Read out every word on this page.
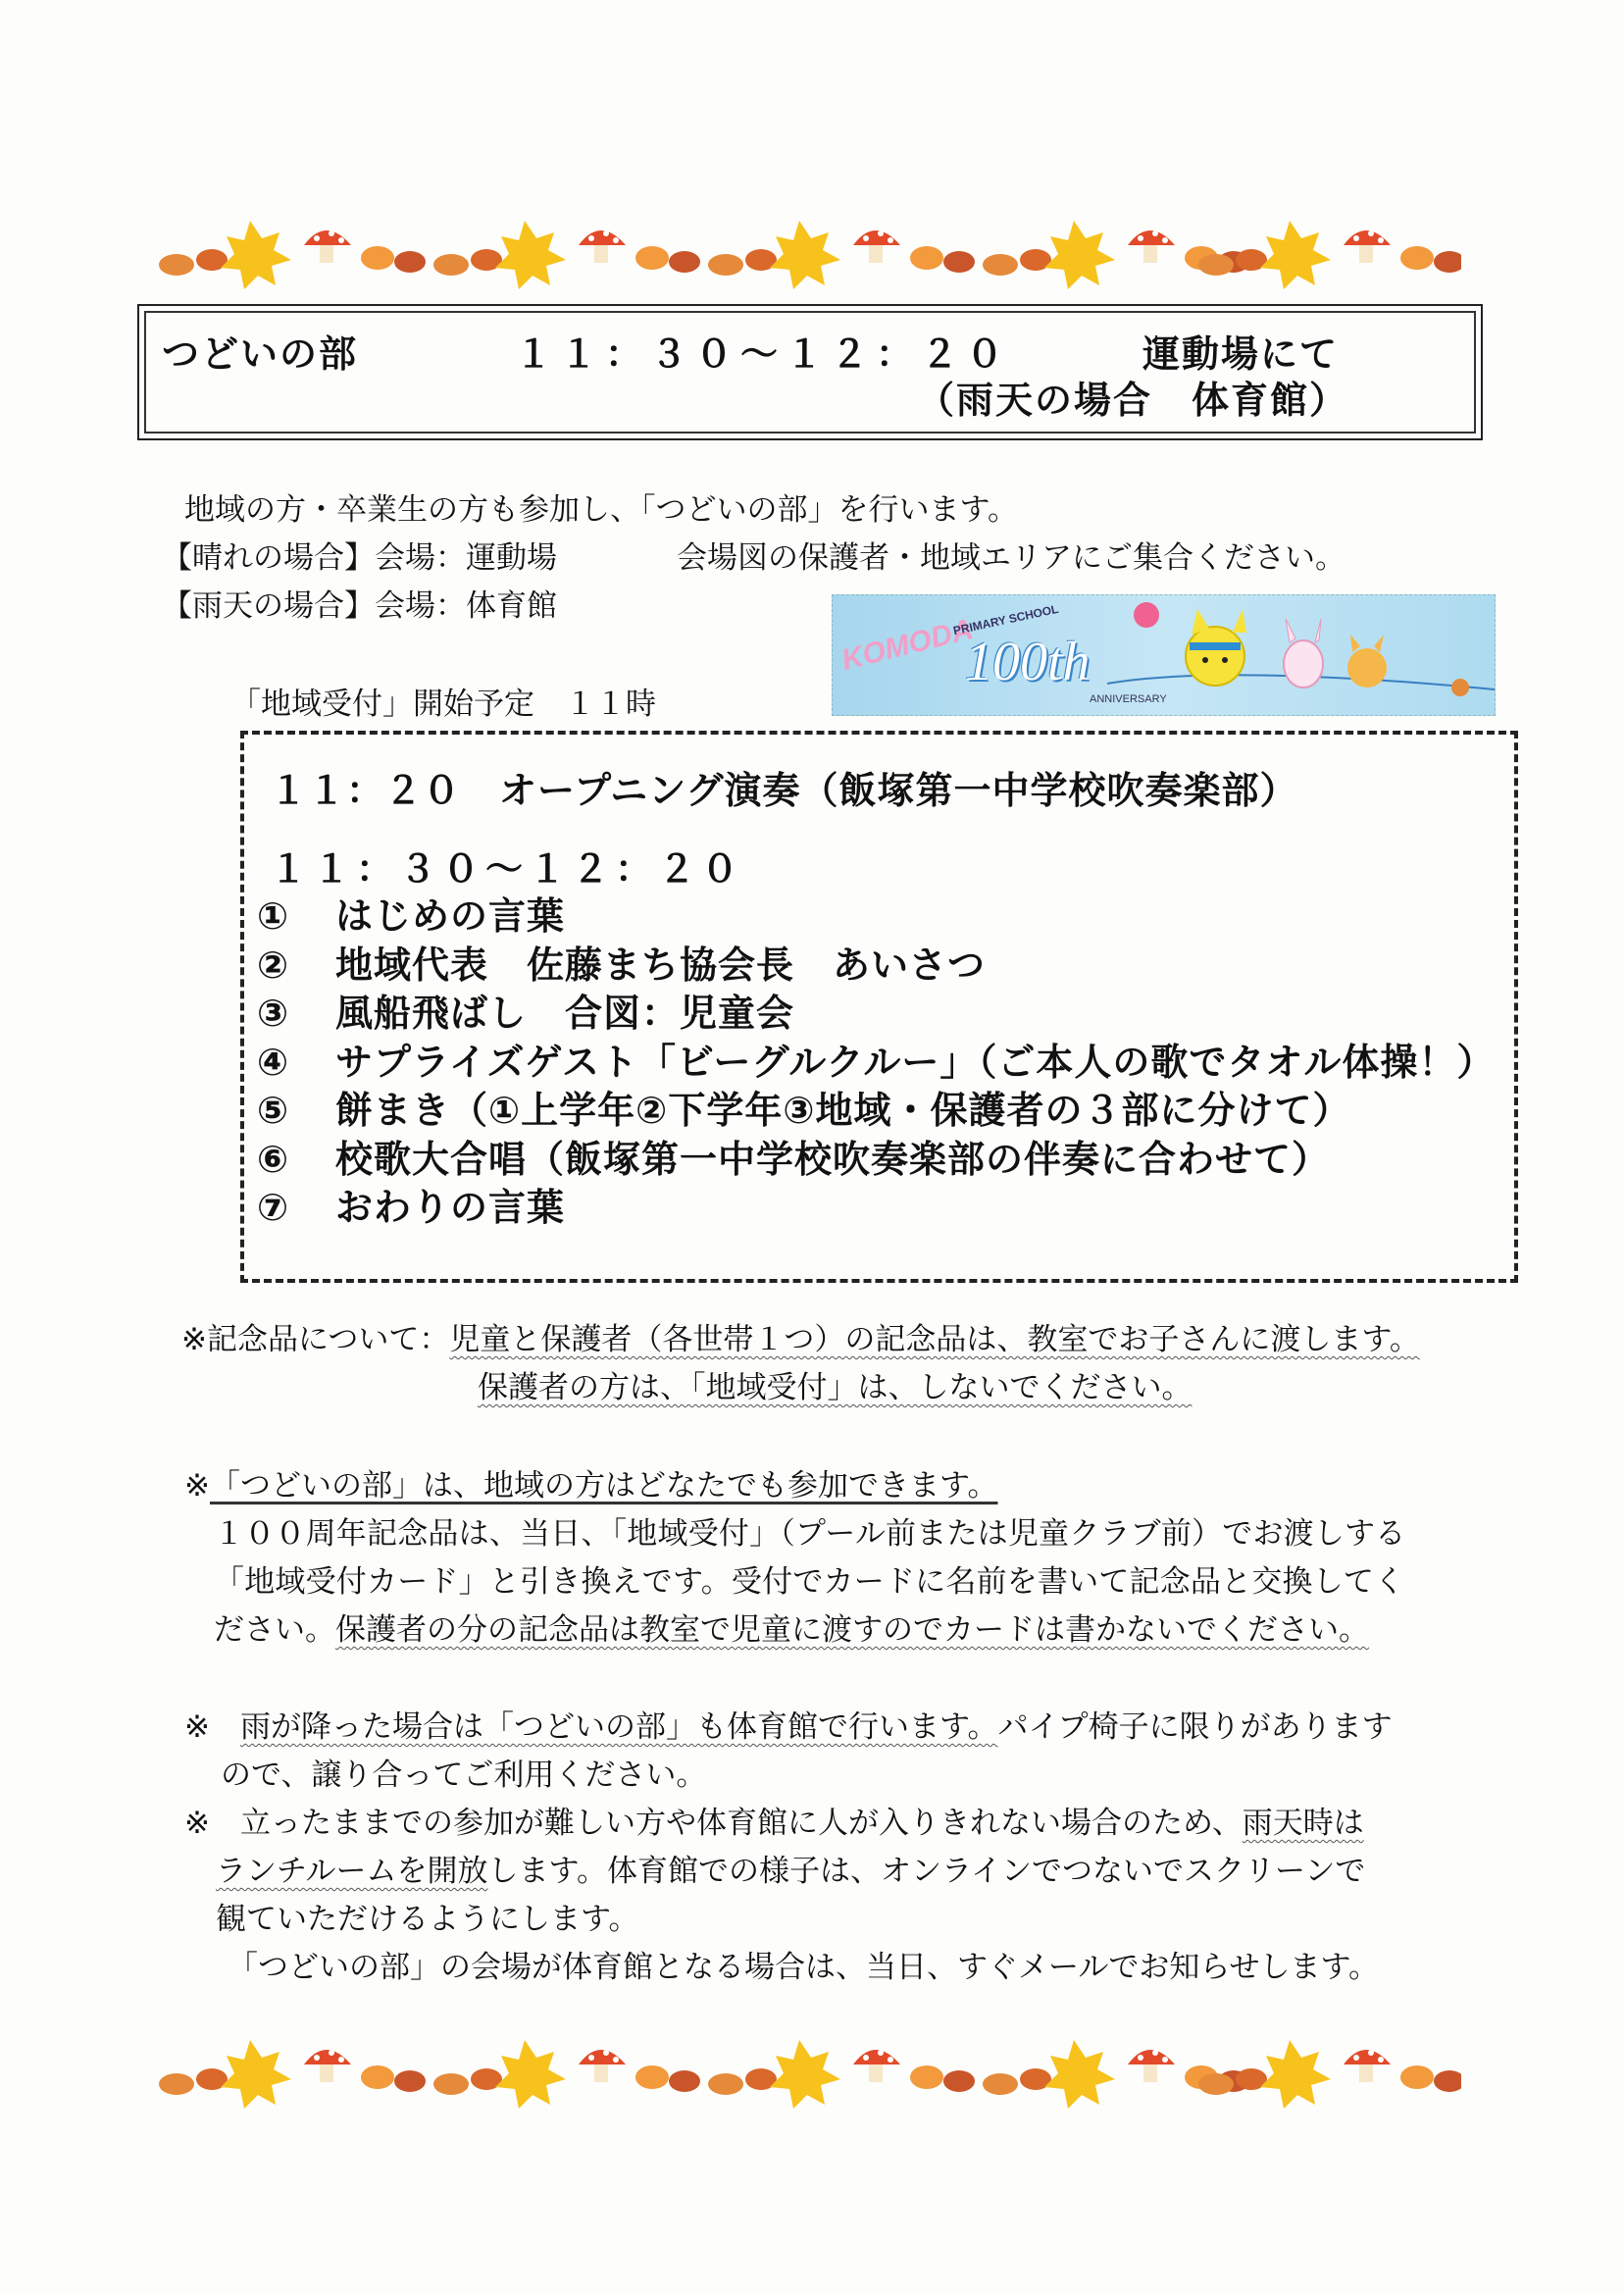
つどいの部	１１：３０～１２：２０	運動場にて
（雨天の場合　体育館）
地域の方・卒業生の方も参加し、「つどいの部」を行います。
【晴れの場合】会場：運動場	会場図の保護者・地域エリアにご集合ください。
【雨天の場合】会場：体育館
「地域受付」開始予定　１１時
KOMODA
PRIMARY SCHOOL
100th
ANNIVERSARY
１１：２０　オープニング演奏（飯塚第一中学校吹奏楽部）
１１：３０～１２：２０
① はじめの言葉
② 地域代表　佐藤まち協会長　あいさつ
③ 風船飛ばし　合図：児童会
④ サプライズゲスト「ビーグルクルー」（ご本人の歌でタオル体操！）
⑤ 餅まき（①上学年②下学年③地域・保護者の３部に分けて）
⑥ 校歌大合唱（飯塚第一中学校吹奏楽部の伴奏に合わせて）
⑦ おわりの言葉
※記念品について：児童と保護者（各世帯１つ）の記念品は、教室でお子さんに渡します。
保護者の方は、「地域受付」は、しないでください。
※「つどいの部」は、地域の方はどなたでも参加できます。
１００周年記念品は、当日、「地域受付」（プール前または児童クラブ前）でお渡しする
「地域受付カード」と引き換えです。受付でカードに名前を書いて記念品と交換してく
ださい。保護者の分の記念品は教室で児童に渡すのでカードは書かないでください。
※　雨が降った場合は「つどいの部」も体育館で行います。パイプ椅子に限りがあります
ので、譲り合ってご利用ください。
※　立ったままでの参加が難しい方や体育館に人が入りきれない場合のため、雨天時は
ランチルームを開放します。体育館での様子は、オンラインでつないでスクリーンで
観ていただけるようにします。
「つどいの部」の会場が体育館となる場合は、当日、すぐメールでお知らせします。
